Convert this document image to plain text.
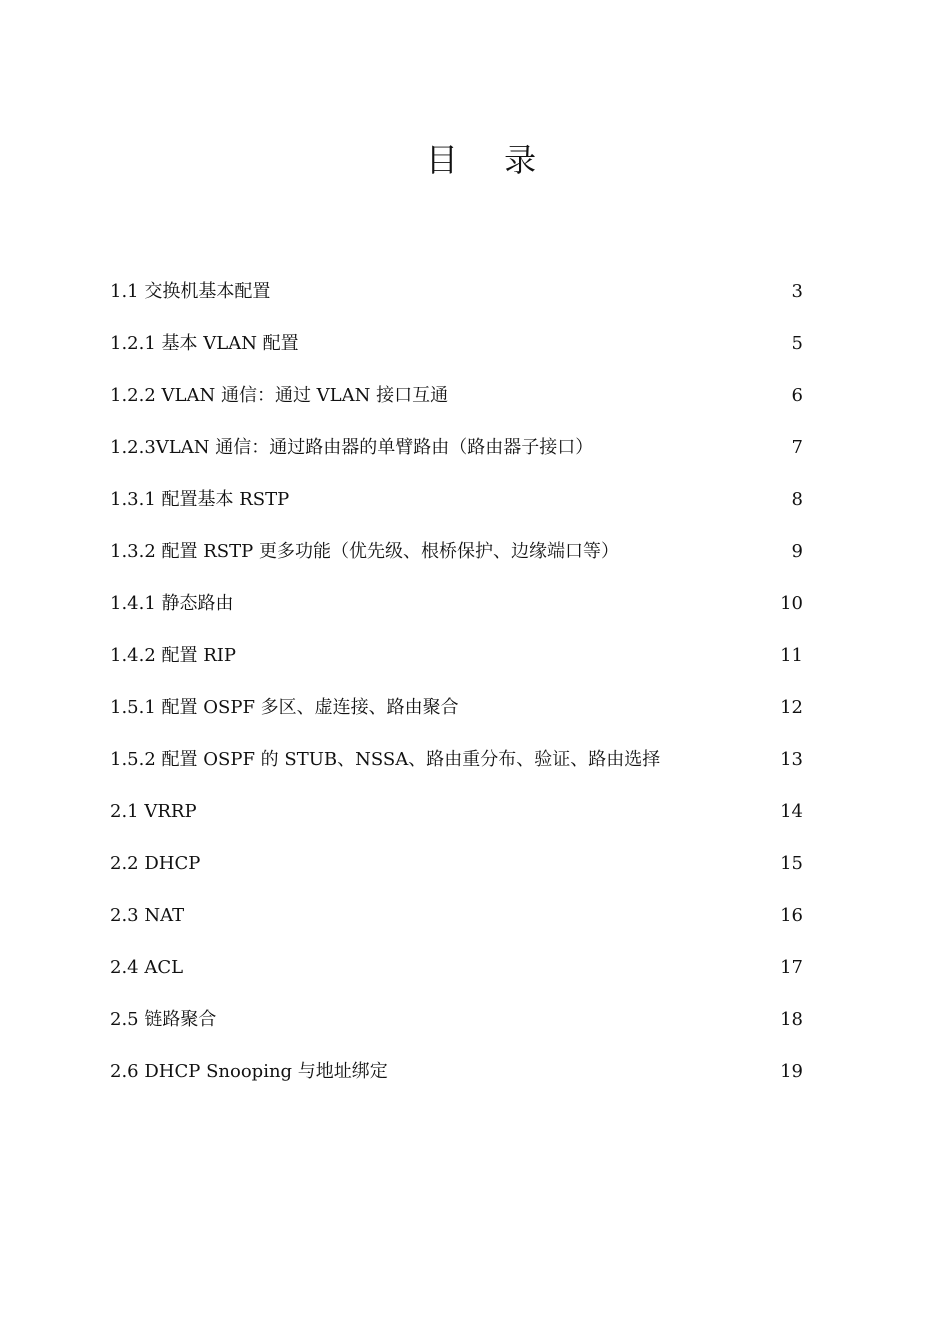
目 录
1.1 交换机基本配置	3
1.2.1 基本 VLAN 配置	5
1.2.2 VLAN 通信：通过 VLAN 接口互通	6
1.2.3VLAN 通信：通过路由器的单臂路由（路由器子接口）	7
1.3.1 配置基本 RSTP	8
1.3.2 配置 RSTP 更多功能（优先级、根桥保护、边缘端口等）	9
1.4.1 静态路由	10
1.4.2 配置 RIP	11
1.5.1 配置 OSPF 多区、虚连接、路由聚合	12
1.5.2 配置 OSPF 的 STUB、NSSA、路由重分布、验证、路由选择	13
2.1 VRRP	14
2.2 DHCP	15
2.3 NAT	16
2.4 ACL	17
2.5 链路聚合	18
2.6 DHCP Snooping 与地址绑定	19
